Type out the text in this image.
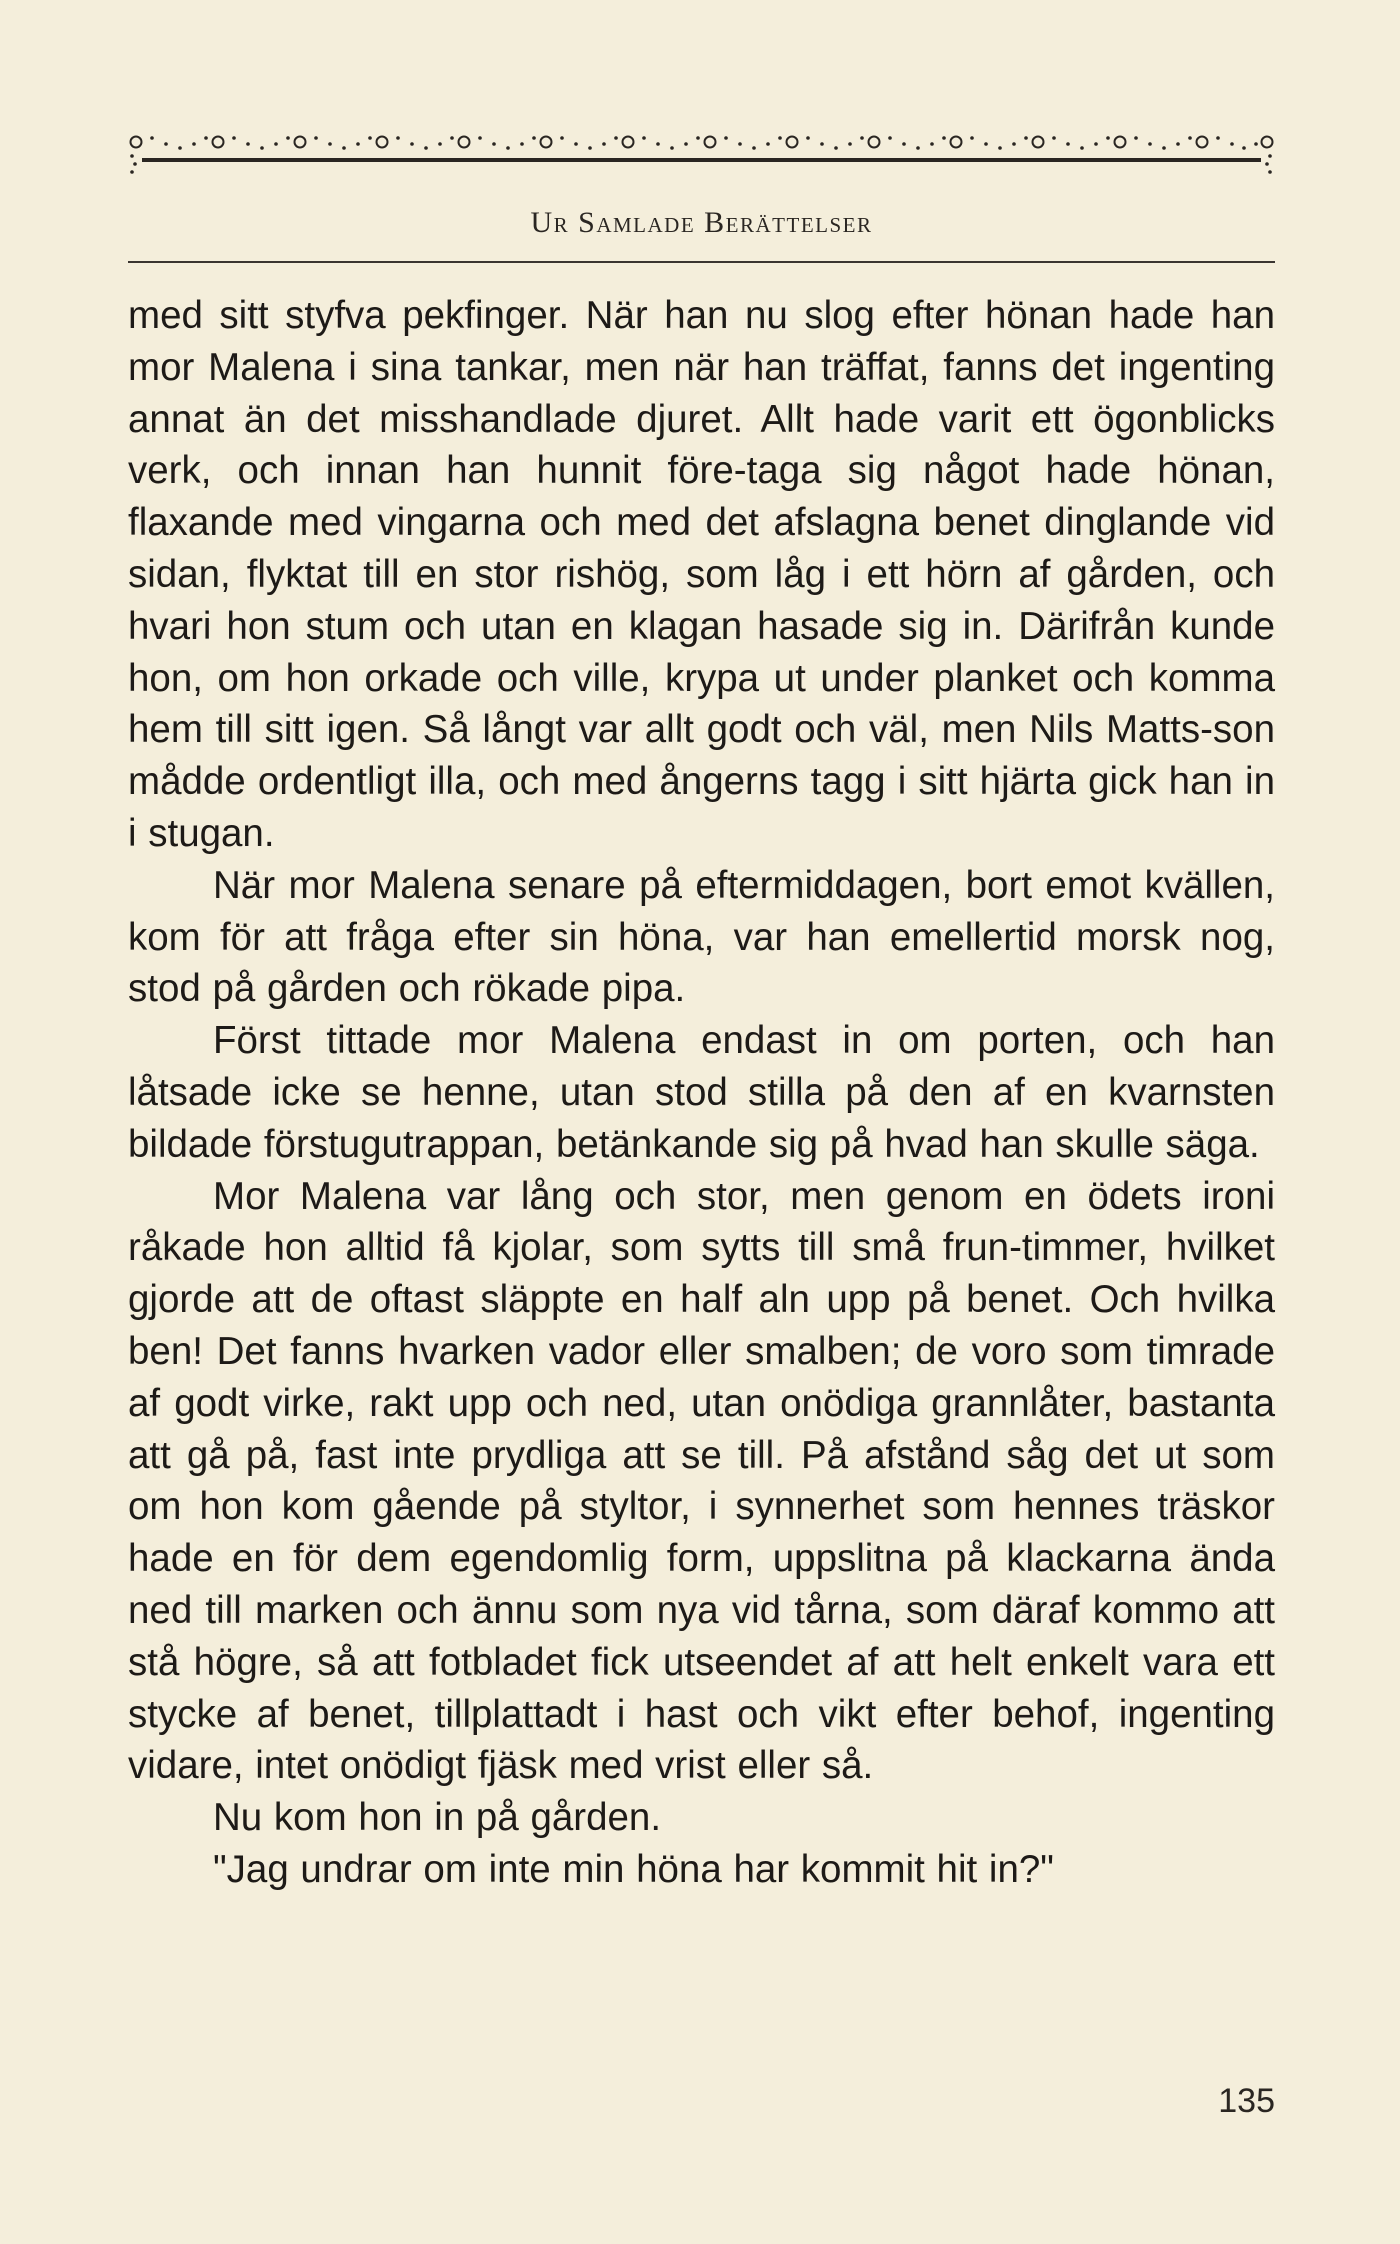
Ur Samlade Berättelser

med sitt styfva pekfinger. När han nu slog efter hönan hade han mor Malena i sina tankar, men när han träffat, fanns det ingenting annat än det misshandlade djuret. Allt hade varit ett ögonblicks verk, och innan han hunnit före-taga sig något hade hönan, flaxande med vingarna och med det afslagna benet dinglande vid sidan, flyktat till en stor rishög, som låg i ett hörn af gården, och hvari hon stum och utan en klagan hasade sig in. Därifrån kunde hon, om hon orkade och ville, krypa ut under planket och komma hem till sitt igen. Så långt var allt godt och väl, men Nils Matts-son mådde ordentligt illa, och med ångerns tagg i sitt hjärta gick han in i stugan.

När mor Malena senare på eftermiddagen, bort emot kvällen, kom för att fråga efter sin höna, var han emellertid morsk nog, stod på gården och rökade pipa.

Först tittade mor Malena endast in om porten, och han låtsade icke se henne, utan stod stilla på den af en kvarnsten bildade förstugutrappan, betänkande sig på hvad han skulle säga.

Mor Malena var lång och stor, men genom en ödets ironi råkade hon alltid få kjolar, som sytts till små frun-timmer, hvilket gjorde att de oftast släppte en half aln upp på benet. Och hvilka ben! Det fanns hvarken vador eller smalben; de voro som timrade af godt virke, rakt upp och ned, utan onödiga grannlåter, bastanta att gå på, fast inte prydliga att se till. På afstånd såg det ut som om hon kom gående på styltor, i synnerhet som hennes träskor hade en för dem egendomlig form, uppslitna på klackarna ända ned till marken och ännu som nya vid tårna, som däraf kommo att stå högre, så att fotbladet fick utseendet af att helt enkelt vara ett stycke af benet, tillplattadt i hast och vikt efter behof, ingenting vidare, intet onödigt fjäsk med vrist eller så.

Nu kom hon in på gården.

"Jag undrar om inte min höna har kommit hit in?"

135
